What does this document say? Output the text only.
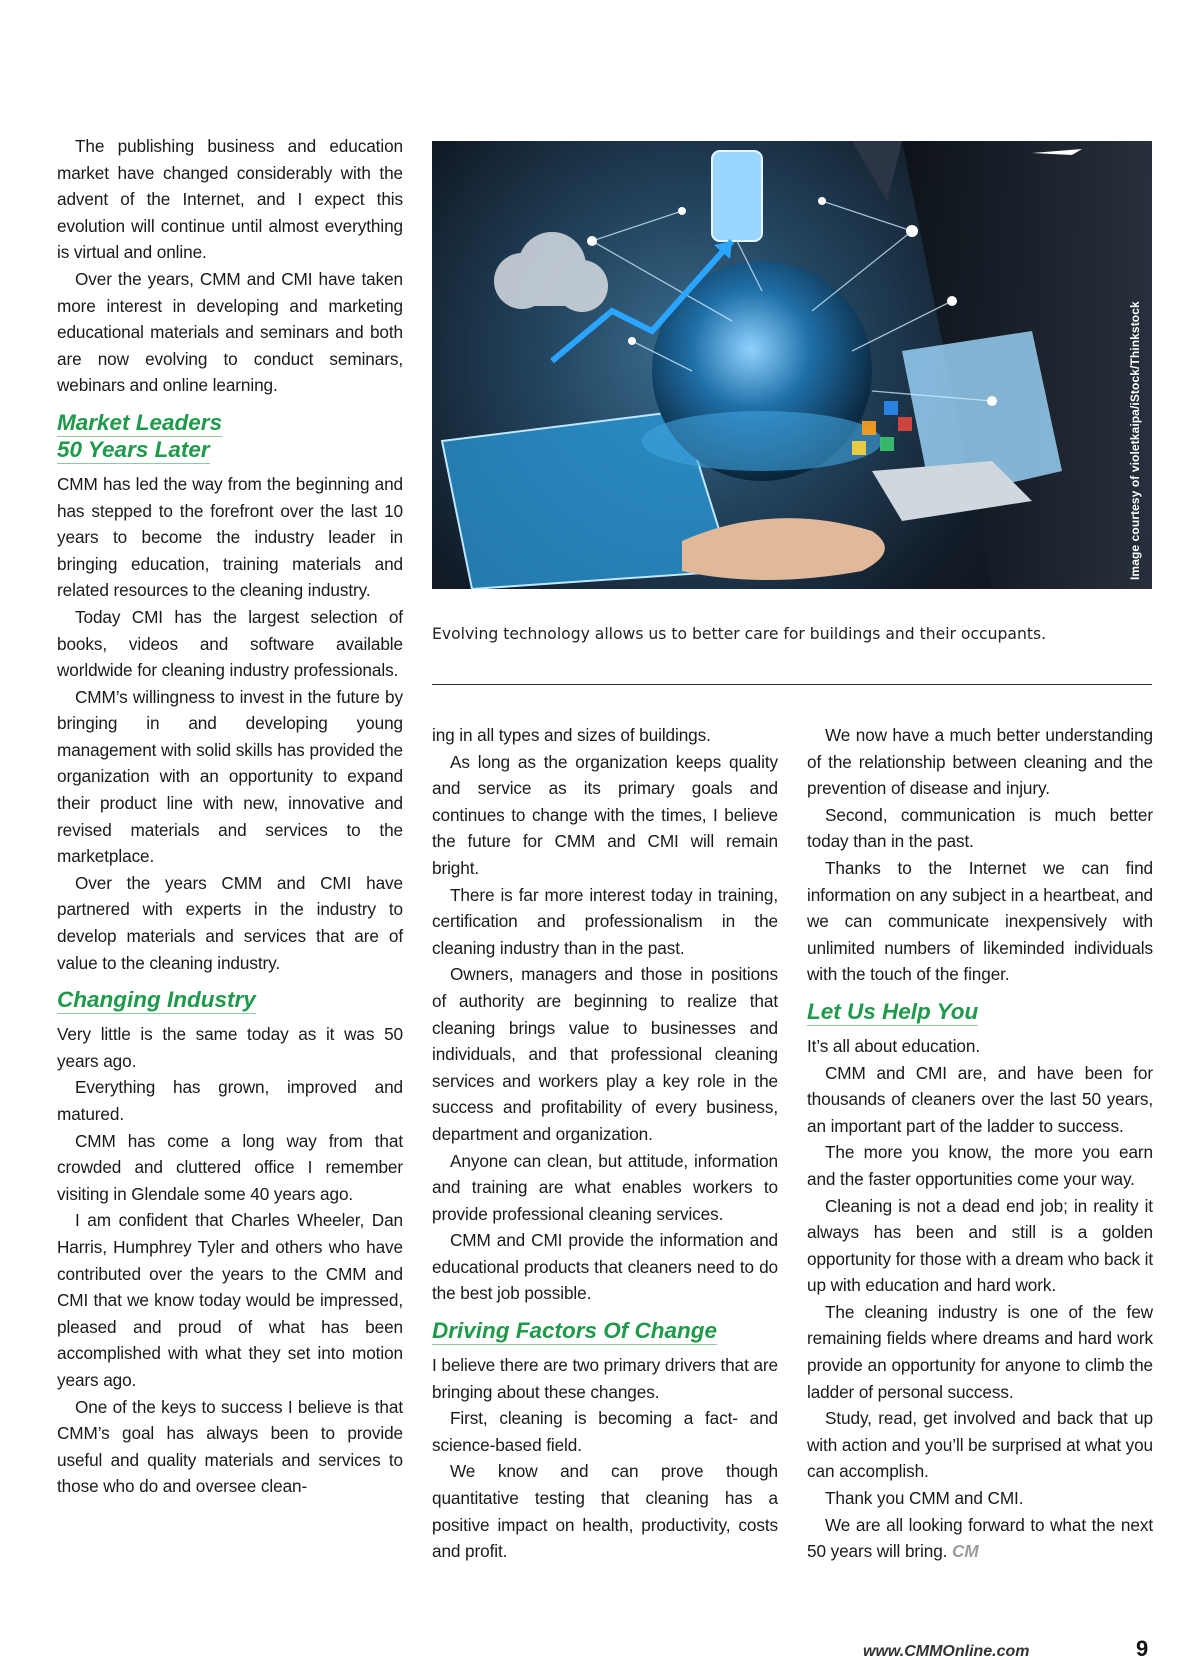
The publishing business and education market have changed considerably with the advent of the Internet, and I expect this evolution will continue until almost everything is virtual and online.

Over the years, CMM and CMI have taken more interest in developing and marketing educational materials and seminars and both are now evolving to conduct seminars, webinars and online learning.

Market Leaders
50 Years Later

CMM has led the way from the beginning and has stepped to the forefront over the last 10 years to become the industry leader in bringing education, training materials and related resources to the cleaning industry.

Today CMI has the largest selection of books, videos and software available worldwide for cleaning industry professionals.

CMM’s willingness to invest in the future by bringing in and developing young management with solid skills has provided the organization with an opportunity to expand their product line with new, innovative and revised materials and services to the marketplace.

Over the years CMM and CMI have partnered with experts in the industry to develop materials and services that are of value to the cleaning industry.

Changing Industry

Very little is the same today as it was 50 years ago.

Everything has grown, improved and matured.

CMM has come a long way from that crowded and cluttered office I remember visiting in Glendale some 40 years ago.

I am confident that Charles Wheeler, Dan Harris, Humphrey Tyler and others who have contributed over the years to the CMM and CMI that we know today would be impressed, pleased and proud of what has been accomplished with what they set into motion years ago.

One of the keys to success I believe is that CMM’s goal has always been to provide useful and quality materials and services to those who do and oversee clean-

Image courtesy of violetkaipa/iStock/Thinkstock
Evolving technology allows us to better care for buildings and their occupants.

ing in all types and sizes of buildings.

As long as the organization keeps quality and service as its primary goals and continues to change with the times, I believe the future for CMM and CMI will remain bright.

There is far more interest today in training, certification and professionalism in the cleaning industry than in the past.

Owners, managers and those in positions of authority are beginning to realize that cleaning brings value to businesses and individuals, and that professional cleaning services and workers play a key role in the success and profitability of every business, department and organization.

Anyone can clean, but attitude, information and training are what enables workers to provide professional cleaning services.

CMM and CMI provide the information and educational products that cleaners need to do the best job possible.

Driving Factors Of Change

I believe there are two primary drivers that are bringing about these changes.

First, cleaning is becoming a fact- and science-based field.

We know and can prove though quantitative testing that cleaning has a positive impact on health, productivity, costs and profit.

We now have a much better understanding of the relationship between cleaning and the prevention of disease and injury.

Second, communication is much better today than in the past.

Thanks to the Internet we can find information on any subject in a heartbeat, and we can communicate inexpensively with unlimited numbers of likeminded individuals with the touch of the finger.

Let Us Help You

It’s all about education.

CMM and CMI are, and have been for thousands of cleaners over the last 50 years, an important part of the ladder to success.

The more you know, the more you earn and the faster opportunities come your way.

Cleaning is not a dead end job; in reality it always has been and still is a golden opportunity for those with a dream who back it up with education and hard work.

The cleaning industry is one of the few remaining fields where dreams and hard work provide an opportunity for anyone to climb the ladder of personal success.

Study, read, get involved and back that up with action and you’ll be surprised at what you can accomplish.

Thank you CMM and CMI.

We are all looking forward to what the next 50 years will bring. CM

www.CMMOnline.com	9
